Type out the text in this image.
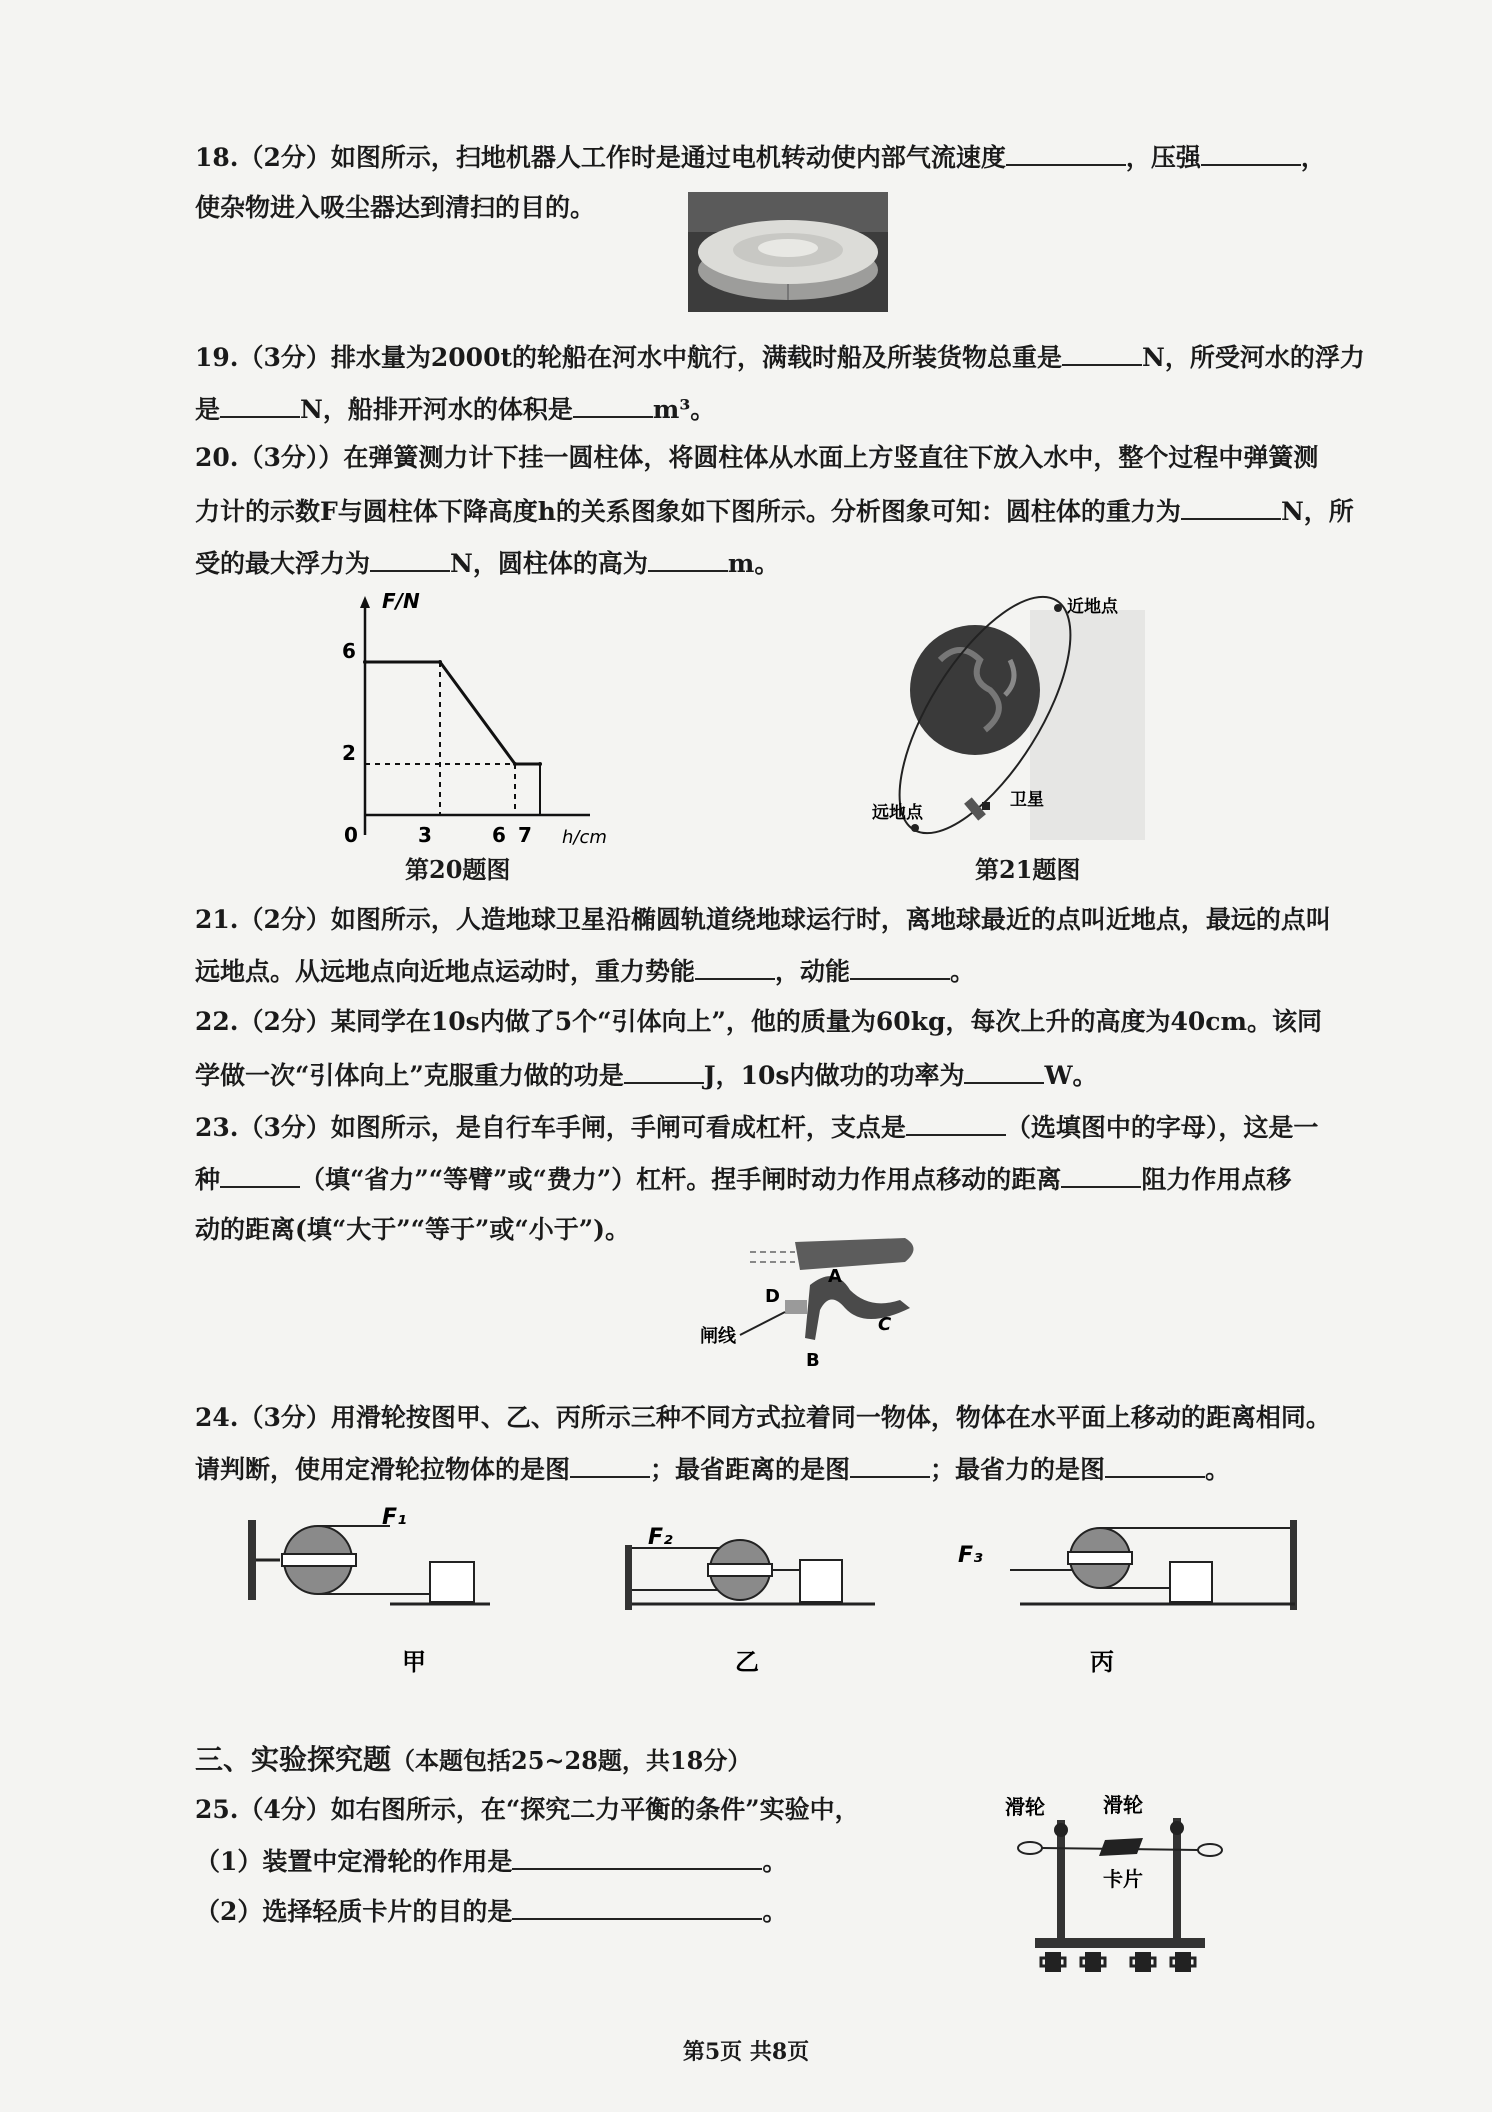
18.（2分）如图所示，扫地机器人工作时是通过电机转动使内部气流速度	，压强	，
使杂物进入吸尘器达到清扫的目的。
19.（3分）排水量为2000t的轮船在河水中航行，满载时船及所装货物总重是	N，所受河水的浮力
是	N，船排开河水的体积是	m³。
20.（3分））在弹簧测力计下挂一圆柱体，将圆柱体从水面上方竖直往下放入水中，整个过程中弹簧测
力计的示数F与圆柱体下降高度h的关系图象如下图所示。分析图象可知：圆柱体的重力为	N，所
受的最大浮力为	N，圆柱体的高为	m。
F/N
h/cm
0
6
2
3	6 7
第20题图
近地点
远地点
卫星
第21题图
21.（2分）如图所示，人造地球卫星沿椭圆轨道绕地球运行时，离地球最近的点叫近地点，最远的点叫
远地点。从远地点向近地点运动时，重力势能	，动能	。
22.（2分）某同学在10s内做了5个“引体向上”，他的质量为60kg，每次上升的高度为40cm。该同
学做一次“引体向上”克服重力做的功是	J，10s内做功的功率为	W。
23.（3分）如图所示，是自行车手闸，手闸可看成杠杆，支点是	（选填图中的字母），这是一
种	（填“省力”“等臂”或“费力”）杠杆。捏手闸时动力作用点移动的距离	阻力作用点移
动的距离(填“大于”“等于”或“小于”)。
D
A
C
B
闸线
24.（3分）用滑轮按图甲、乙、丙所示三种不同方式拉着同一物体，物体在水平面上移动的距离相同。
请判断，使用定滑轮拉物体的是图	；最省距离的是图	；最省力的是图	。
F₁
F₂
F₃
甲	乙	丙
三、实验探究题（本题包括25~28题，共18分）
25.（4分）如右图所示，在“探究二力平衡的条件”实验中，
（1）装置中定滑轮的作用是	。
（2）选择轻质卡片的目的是	。
滑轮	滑轮
卡片
第5页 共8页
